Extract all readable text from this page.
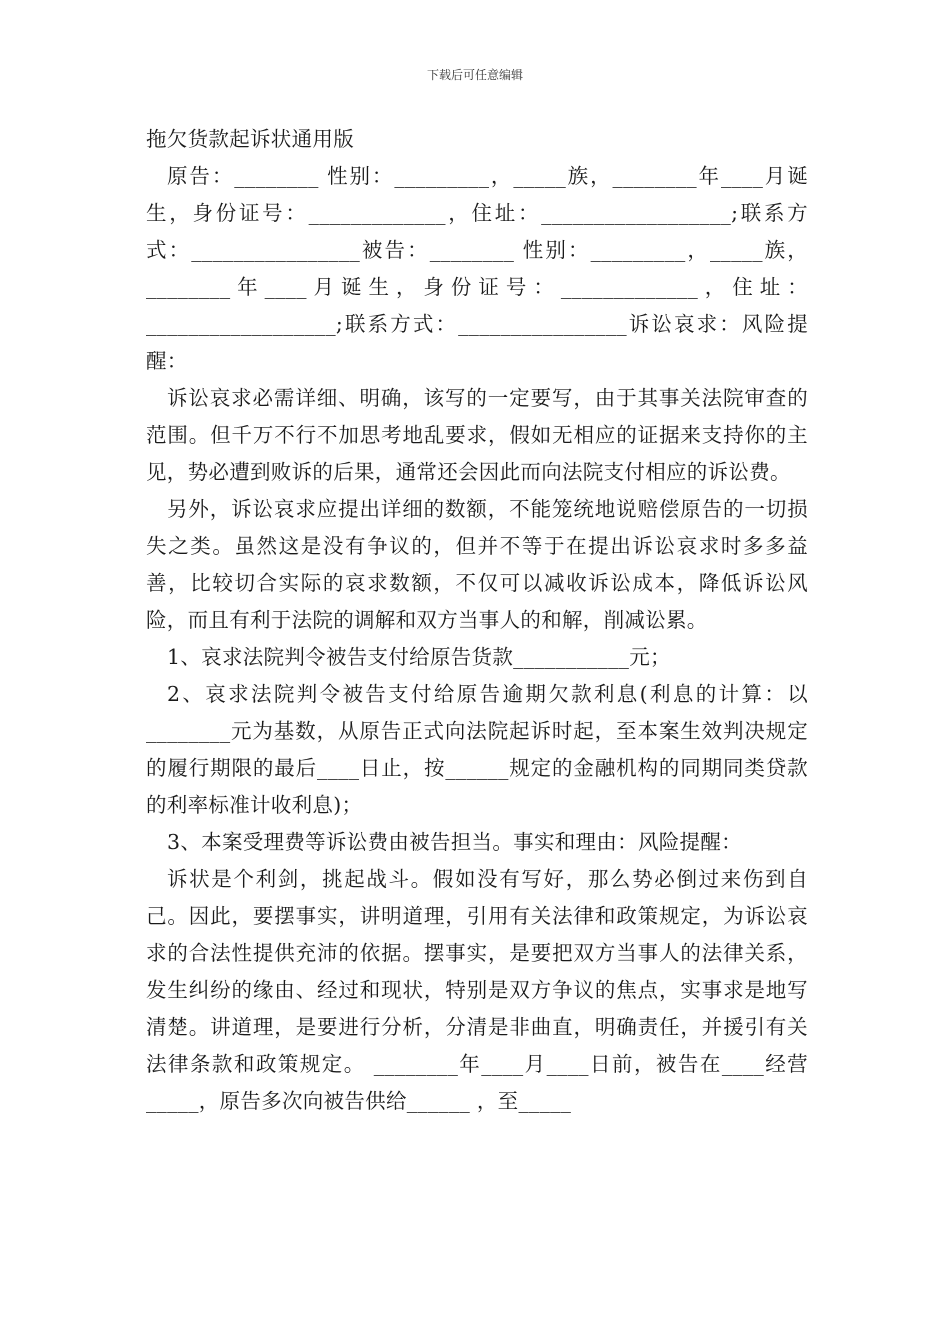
下载后可任意编辑

拖欠货款起诉状通用版

原告：________ 性别：_________，_____族，________年____月诞生，身份证号：_____________，住址：__________________;联系方式：________________被告：________ 性别：_________，_____族，________年____月诞生，身份证号：_____________，住址：__________________;联系方式：________________诉讼哀求：风险提醒：

诉讼哀求必需详细、明确，该写的一定要写，由于其事关法院审查的范围。但千万不行不加思考地乱要求，假如无相应的证据来支持你的主见，势必遭到败诉的后果，通常还会因此而向法院支付相应的诉讼费。

另外，诉讼哀求应提出详细的数额，不能笼统地说赔偿原告的一切损失之类。虽然这是没有争议的，但并不等于在提出诉讼哀求时多多益善，比较切合实际的哀求数额，不仅可以减收诉讼成本，降低诉讼风险，而且有利于法院的调解和双方当事人的和解，削减讼累。

1、哀求法院判令被告支付给原告货款___________元；

2、哀求法院判令被告支付给原告逾期欠款利息(利息的计算：以________元为基数，从原告正式向法院起诉时起，至本案生效判决规定的履行期限的最后____日止，按______规定的金融机构的同期同类贷款的利率标准计收利息)；

3、本案受理费等诉讼费由被告担当。事实和理由：风险提醒：

诉状是个利剑，挑起战斗。假如没有写好，那么势必倒过来伤到自己。因此，要摆事实，讲明道理，引用有关法律和政策规定，为诉讼哀求的合法性提供充沛的依据。摆事实，是要把双方当事人的法律关系，发生纠纷的缘由、经过和现状，特别是双方争议的焦点，实事求是地写清楚。讲道理，是要进行分析，分清是非曲直，明确责任，并援引有关法律条款和政策规定。 ________年____月____日前，被告在____经营_____，原告多次向被告供给______ ，至_____
